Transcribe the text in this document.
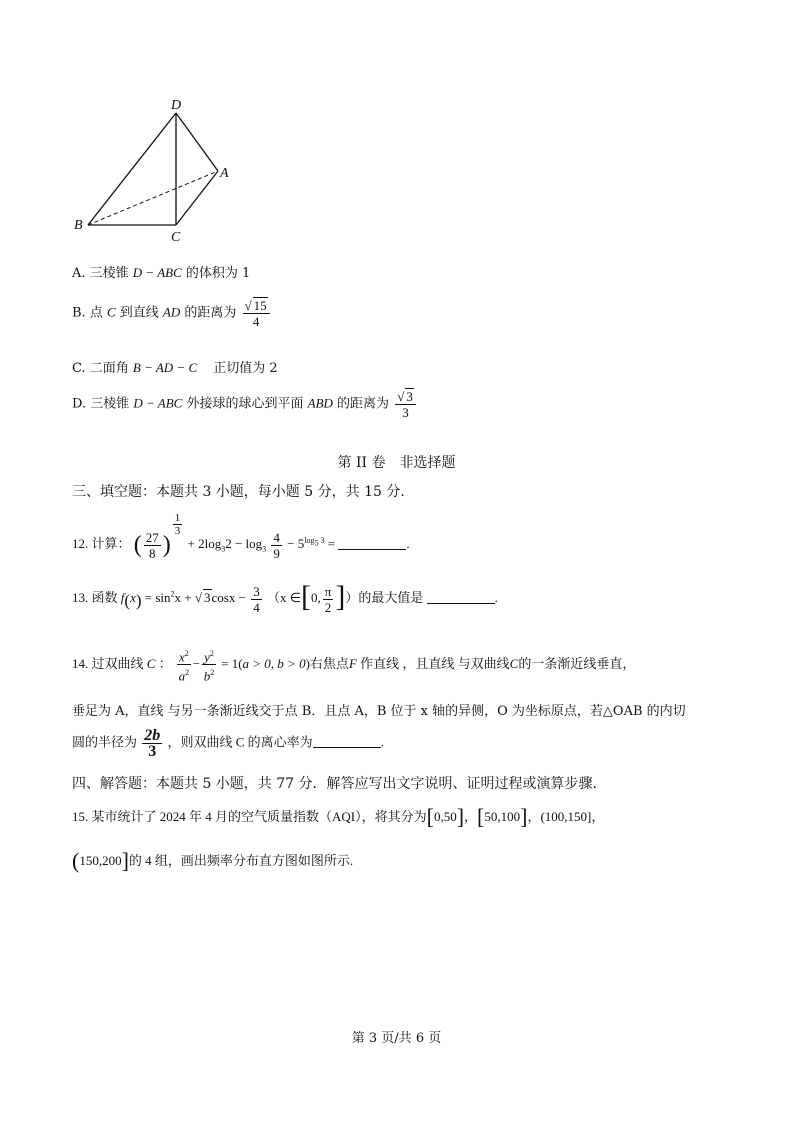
D
A
B
C
A. 三棱锥 D − ABC 的体积为 1
B. 点 C 到直线 AD 的距离为 $\frac{√ 15}{4}$
C. 二面角 B − AD − C 正切值为 2
D. 三棱锥 D − ABC 外接球的球心到平面 ABD 的距离为 $\frac{√ 3}{3}$
第 II 卷　非选择题
三、填空题：本题共 3 小题，每小题 5 分，共 15 分.
12. 计算： ( $\frac{27}{8}$ )
$\frac{1}{3}$
+ $2\log_32 - \log_3 \frac{4}{9} - 5^{log_5 3}$ =	.
13. 函数 $f(x) = \sin^2x$ + √ $3\cos x - \frac{3}{4} (x$ ∈[0, $\frac{\pi}{2}$ ]）的最大值是	.
14. 过双曲线 C ： $\frac{x^2}{a^2} - \frac{y^2}{b^2} = 1(a > 0$, b > 0)右焦点F 作直线 ，且直线 与双曲线C的一条渐近线垂直，
垂足为 A，直线 与另一条渐近线交于点 B．且点 A，B 位于 x 轴的异侧，O 为坐标原点，若△OAB 的内切
圆的半径为 $\frac{2b}{3}$ ，则双曲线 C 的离心率为	.
四、解答题：本题共 5 小题，共 77 分．解答应写出文字说明、证明过程或演算步骤.
15. 某市统计了 2024 年 4 月的空气质量指数（AQI），将其分为[0,50]，[50,100]，(100,150]，
(150,200]的 4 组，画出频率分布直方图如图所示.
第 3 页/共 6 页
